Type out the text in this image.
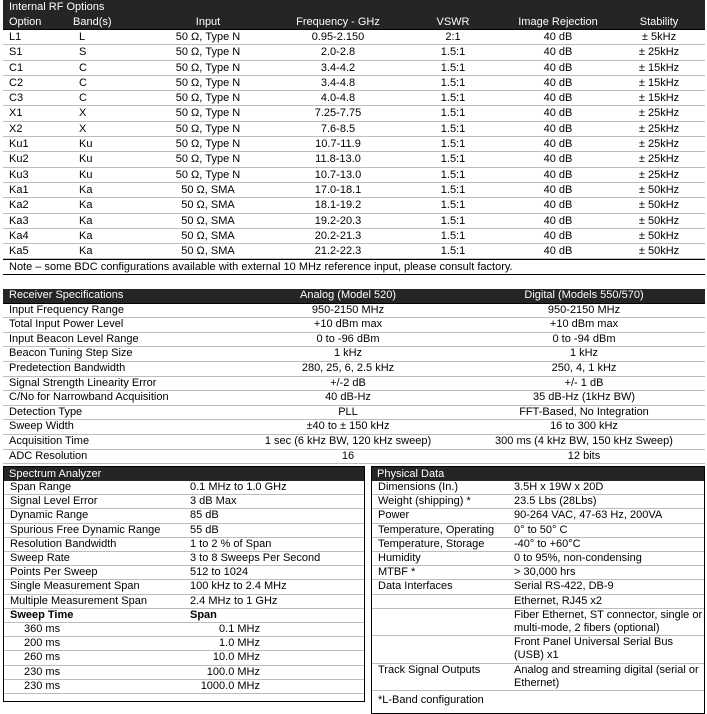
Internal RF Options
Option	Band(s)	Input	Frequency - GHz	VSWR	Image Rejection	Stability
L1	L	50 Ω, Type N	0.95-2.150	2:1	40 dB	± 5kHz
S1	S	50 Ω, Type N	2.0-2.8	1.5:1	40 dB	± 25kHz
C1	C	50 Ω, Type N	3.4-4.2	1.5:1	40 dB	± 15kHz
C2	C	50 Ω, Type N	3.4-4.8	1.5:1	40 dB	± 15kHz
C3	C	50 Ω, Type N	4.0-4.8	1.5:1	40 dB	± 15kHz
X1	X	50 Ω, Type N	7.25-7.75	1.5:1	40 dB	± 25kHz
X2	X	50 Ω, Type N	7.6-8.5	1.5:1	40 dB	± 25kHz
Ku1	Ku	50 Ω, Type N	10.7-11.9	1.5:1	40 dB	± 25kHz
Ku2	Ku	50 Ω, Type N	11.8-13.0	1.5:1	40 dB	± 25kHz
Ku3	Ku	50 Ω, Type N	10.7-13.0	1.5:1	40 dB	± 25kHz
Ka1	Ka	50 Ω, SMA	17.0-18.1	1.5:1	40 dB	± 50kHz
Ka2	Ka	50 Ω, SMA	18.1-19.2	1.5:1	40 dB	± 50kHz
Ka3	Ka	50 Ω, SMA	19.2-20.3	1.5:1	40 dB	± 50kHz
Ka4	Ka	50 Ω, SMA	20.2-21.3	1.5:1	40 dB	± 50kHz
Ka5	Ka	50 Ω, SMA	21.2-22.3	1.5:1	40 dB	± 50kHz
Note – some BDC configurations available with external 10 MHz reference input, please consult factory.
Receiver Specifications	Analog (Model 520)	Digital (Models 550/570)
Input Frequency Range	950-2150 MHz	950-2150 MHz
Total Input Power Level	+10 dBm max	+10 dBm max
Input Beacon Level Range	0 to -96 dBm	0 to -94 dBm
Beacon Tuning Step Size	1 kHz	1 kHz
Predetection Bandwidth	280, 25, 6, 2.5 kHz	250, 4, 1 kHz
Signal Strength Linearity Error	+/-2 dB	+/- 1 dB
C/No for Narrowband Acquisition	40 dB-Hz	35 dB-Hz (1kHz BW)
Detection Type	PLL	FFT-Based, No Integration
Sweep Width	±40 to ± 150 kHz	16 to 300 kHz
Acquisition Time	1 sec (6 kHz BW, 120 kHz sweep)	300 ms (4 kHz BW, 150 kHz Sweep)
ADC Resolution	16	12 bits
Spectrum Analyzer
Span Range	0.1 MHz to 1.0 GHz
Signal Level Error	3 dB Max
Dynamic Range	85 dB
Spurious Free Dynamic Range	55 dB
Resolution Bandwidth	1 to 2 % of Span
Sweep Rate	3 to 8 Sweeps Per Second
Points Per Sweep	512 to 1024
Single Measurement Span	100 kHz to 2.4 MHz
Multiple Measurement Span	2.4 MHz to 1 GHz
Sweep Time	Span
360 ms	0.1 MHz
200 ms	1.0 MHz
260 ms	10.0 MHz
230 ms	100.0 MHz
230 ms	1000.0 MHz
Physical Data
Dimensions (In.)	3.5H x 19W x 20D
Weight (shipping) *	23.5 Lbs (28Lbs)
Power	90-264 VAC, 47-63 Hz, 200VA
Temperature, Operating	0° to 50° C
Temperature, Storage	-40° to +60°C
Humidity	0 to 95%, non-condensing
MTBF *	> 30,000 hrs
Data Interfaces	Serial RS-422, DB-9
	Ethernet, RJ45 x2
	Fiber Ethernet, ST connector, single or multi-mode, 2 fibers (optional)
	Front Panel Universal Serial Bus (USB) x1
Track Signal Outputs	Analog and streaming digital (serial or Ethernet)
*L-Band configuration
